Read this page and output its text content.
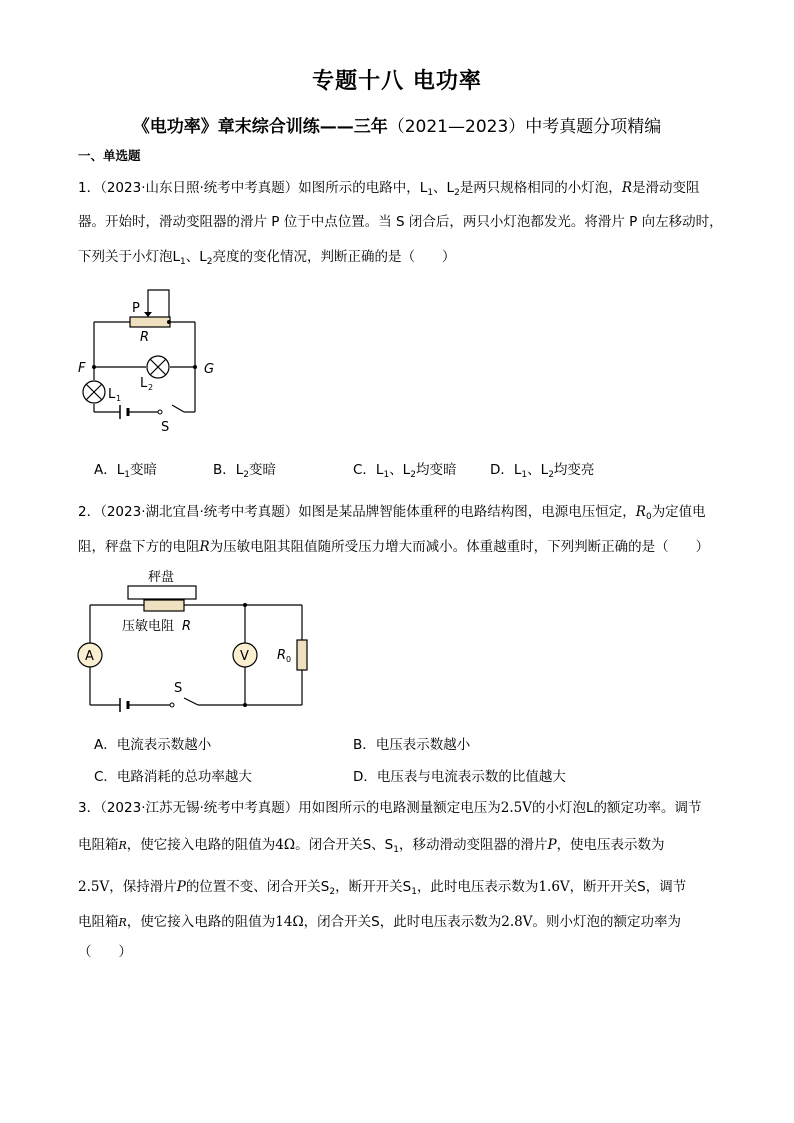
专题十八 电功率
《电功率》章末综合训练——三年（2021—2023）中考真题分项精编
一、单选题
1．（2023·山东日照·统考中考真题）如图所示的电路中，$L_1$、$L_2$是两只规格相同的小灯泡，R是滑动变阻
器。开始时，滑动变阻器的滑片 P 位于中点位置。当 S 闭合后，两只小灯泡都发光。将滑片 P 向左移动时，
下列关于小灯泡$L_1$、$L_2$亮度的变化情况，判断正确的是（　　）
P
R
F	G
L 2
L 1
S
A．$L_1$变暗	B．$L_2$变暗	C．$L_1$、$L_2$均变暗 D．$L_1$、$L_2$均变亮
2．（2023·湖北宜昌·统考中考真题）如图是某品牌智能体重秤的电路结构图，电源电压恒定，$R_0$为定值电
阻，秤盘下方的电阻R为压敏电阻其阻值随所受压力增大而减小。体重越重时，下列判断正确的是（　　）
A	V
秤盘
压敏电阻 R
R 0
S
A．电流表示数越小	B．电压表示数越小
C．电路消耗的总功率越大	D．电压表与电流表示数的比值越大
3．（2023·江苏无锡·统考中考真题）用如图所示的电路测量额定电压为2.5V的小灯泡L的额定功率。调节
电阻箱R，使它接入电路的阻值为4Ω。闭合开关S、$S_1$，移动滑动变阻器的滑片P，使电压表示数为
2.5V，保持滑片P的位置不变、闭合开关$S_2$，断开开关$S_1$，此时电压表示数为1.6V，断开开关S，调节
电阻箱R，使它接入电路的阻值为14Ω，闭合开关S，此时电压表示数为2.8V。则小灯泡的额定功率为
（　　）
